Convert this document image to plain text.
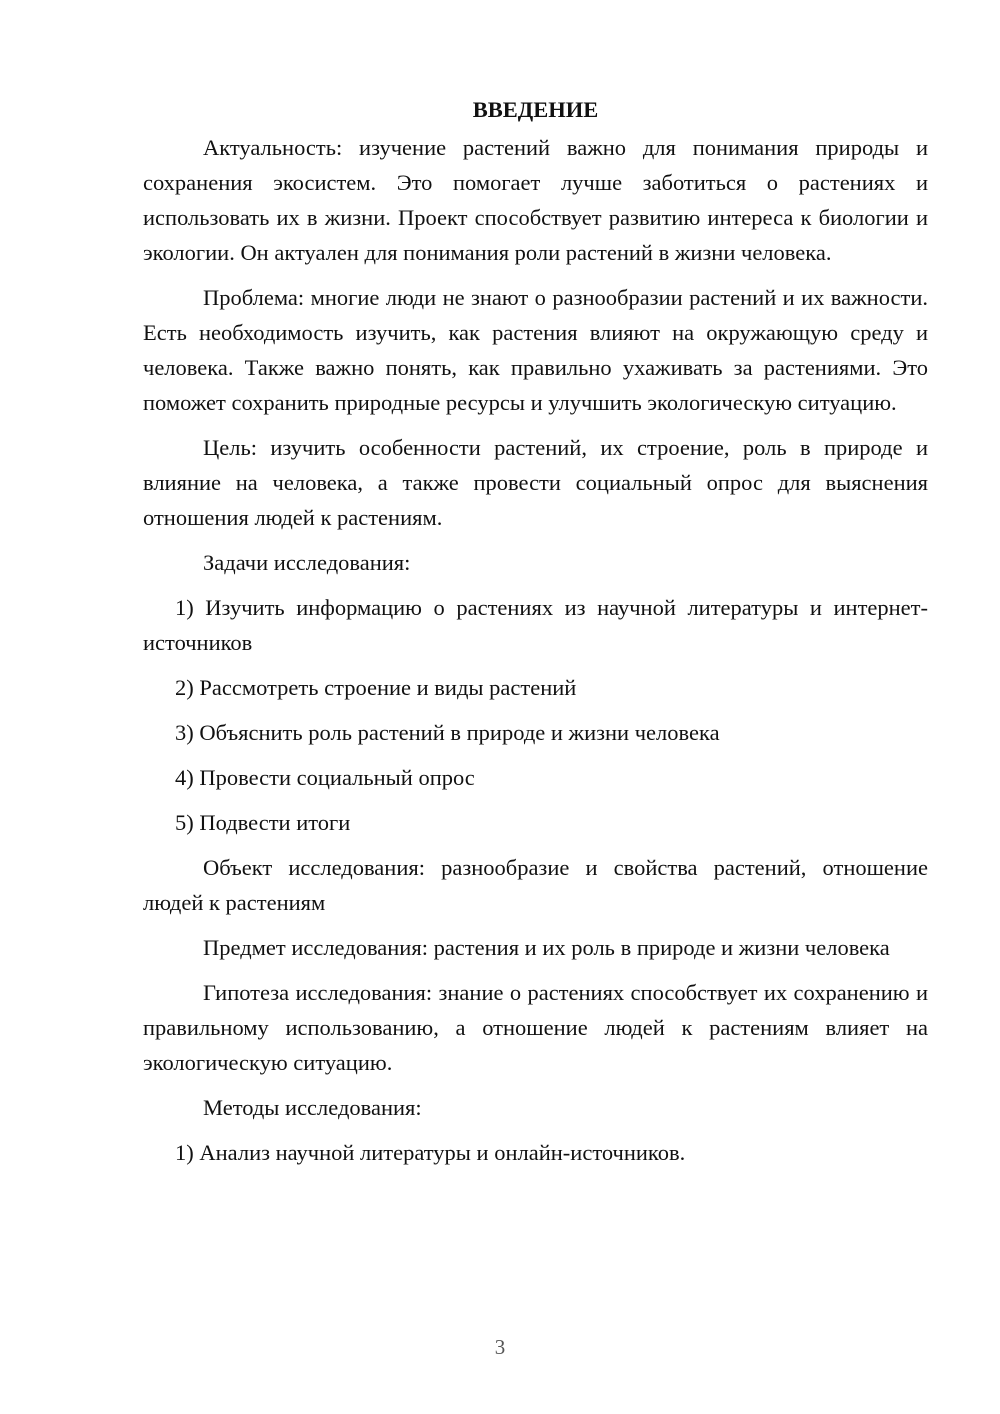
ВВЕДЕНИЕ

Актуальность: изучение растений важно для понимания природы и сохранения экосистем. Это помогает лучше заботиться о растениях и использовать их в жизни. Проект способствует развитию интереса к биологии и экологии. Он актуален для понимания роли растений в жизни человека.

Проблема: многие люди не знают о разнообразии растений и их важности. Есть необходимость изучить, как растения влияют на окружающую среду и человека. Также важно понять, как правильно ухаживать за растениями. Это поможет сохранить природные ресурсы и улучшить экологическую ситуацию.

Цель: изучить особенности растений, их строение, роль в природе и влияние на человека, а также провести социальный опрос для выяснения отношения людей к растениям.

Задачи исследования:

1) Изучить информацию о растениях из научной литературы и интернет-источников

2) Рассмотреть строение и виды растений

3) Объяснить роль растений в природе и жизни человека

4) Провести социальный опрос

5) Подвести итоги

Объект исследования: разнообразие и свойства растений, отношение людей к растениям

Предмет исследования: растения и их роль в природе и жизни человека

Гипотеза исследования: знание о растениях способствует их сохранению и правильному использованию, а отношение людей к растениям влияет на экологическую ситуацию.

Методы исследования:

1) Анализ научной литературы и онлайн-источников.

3
